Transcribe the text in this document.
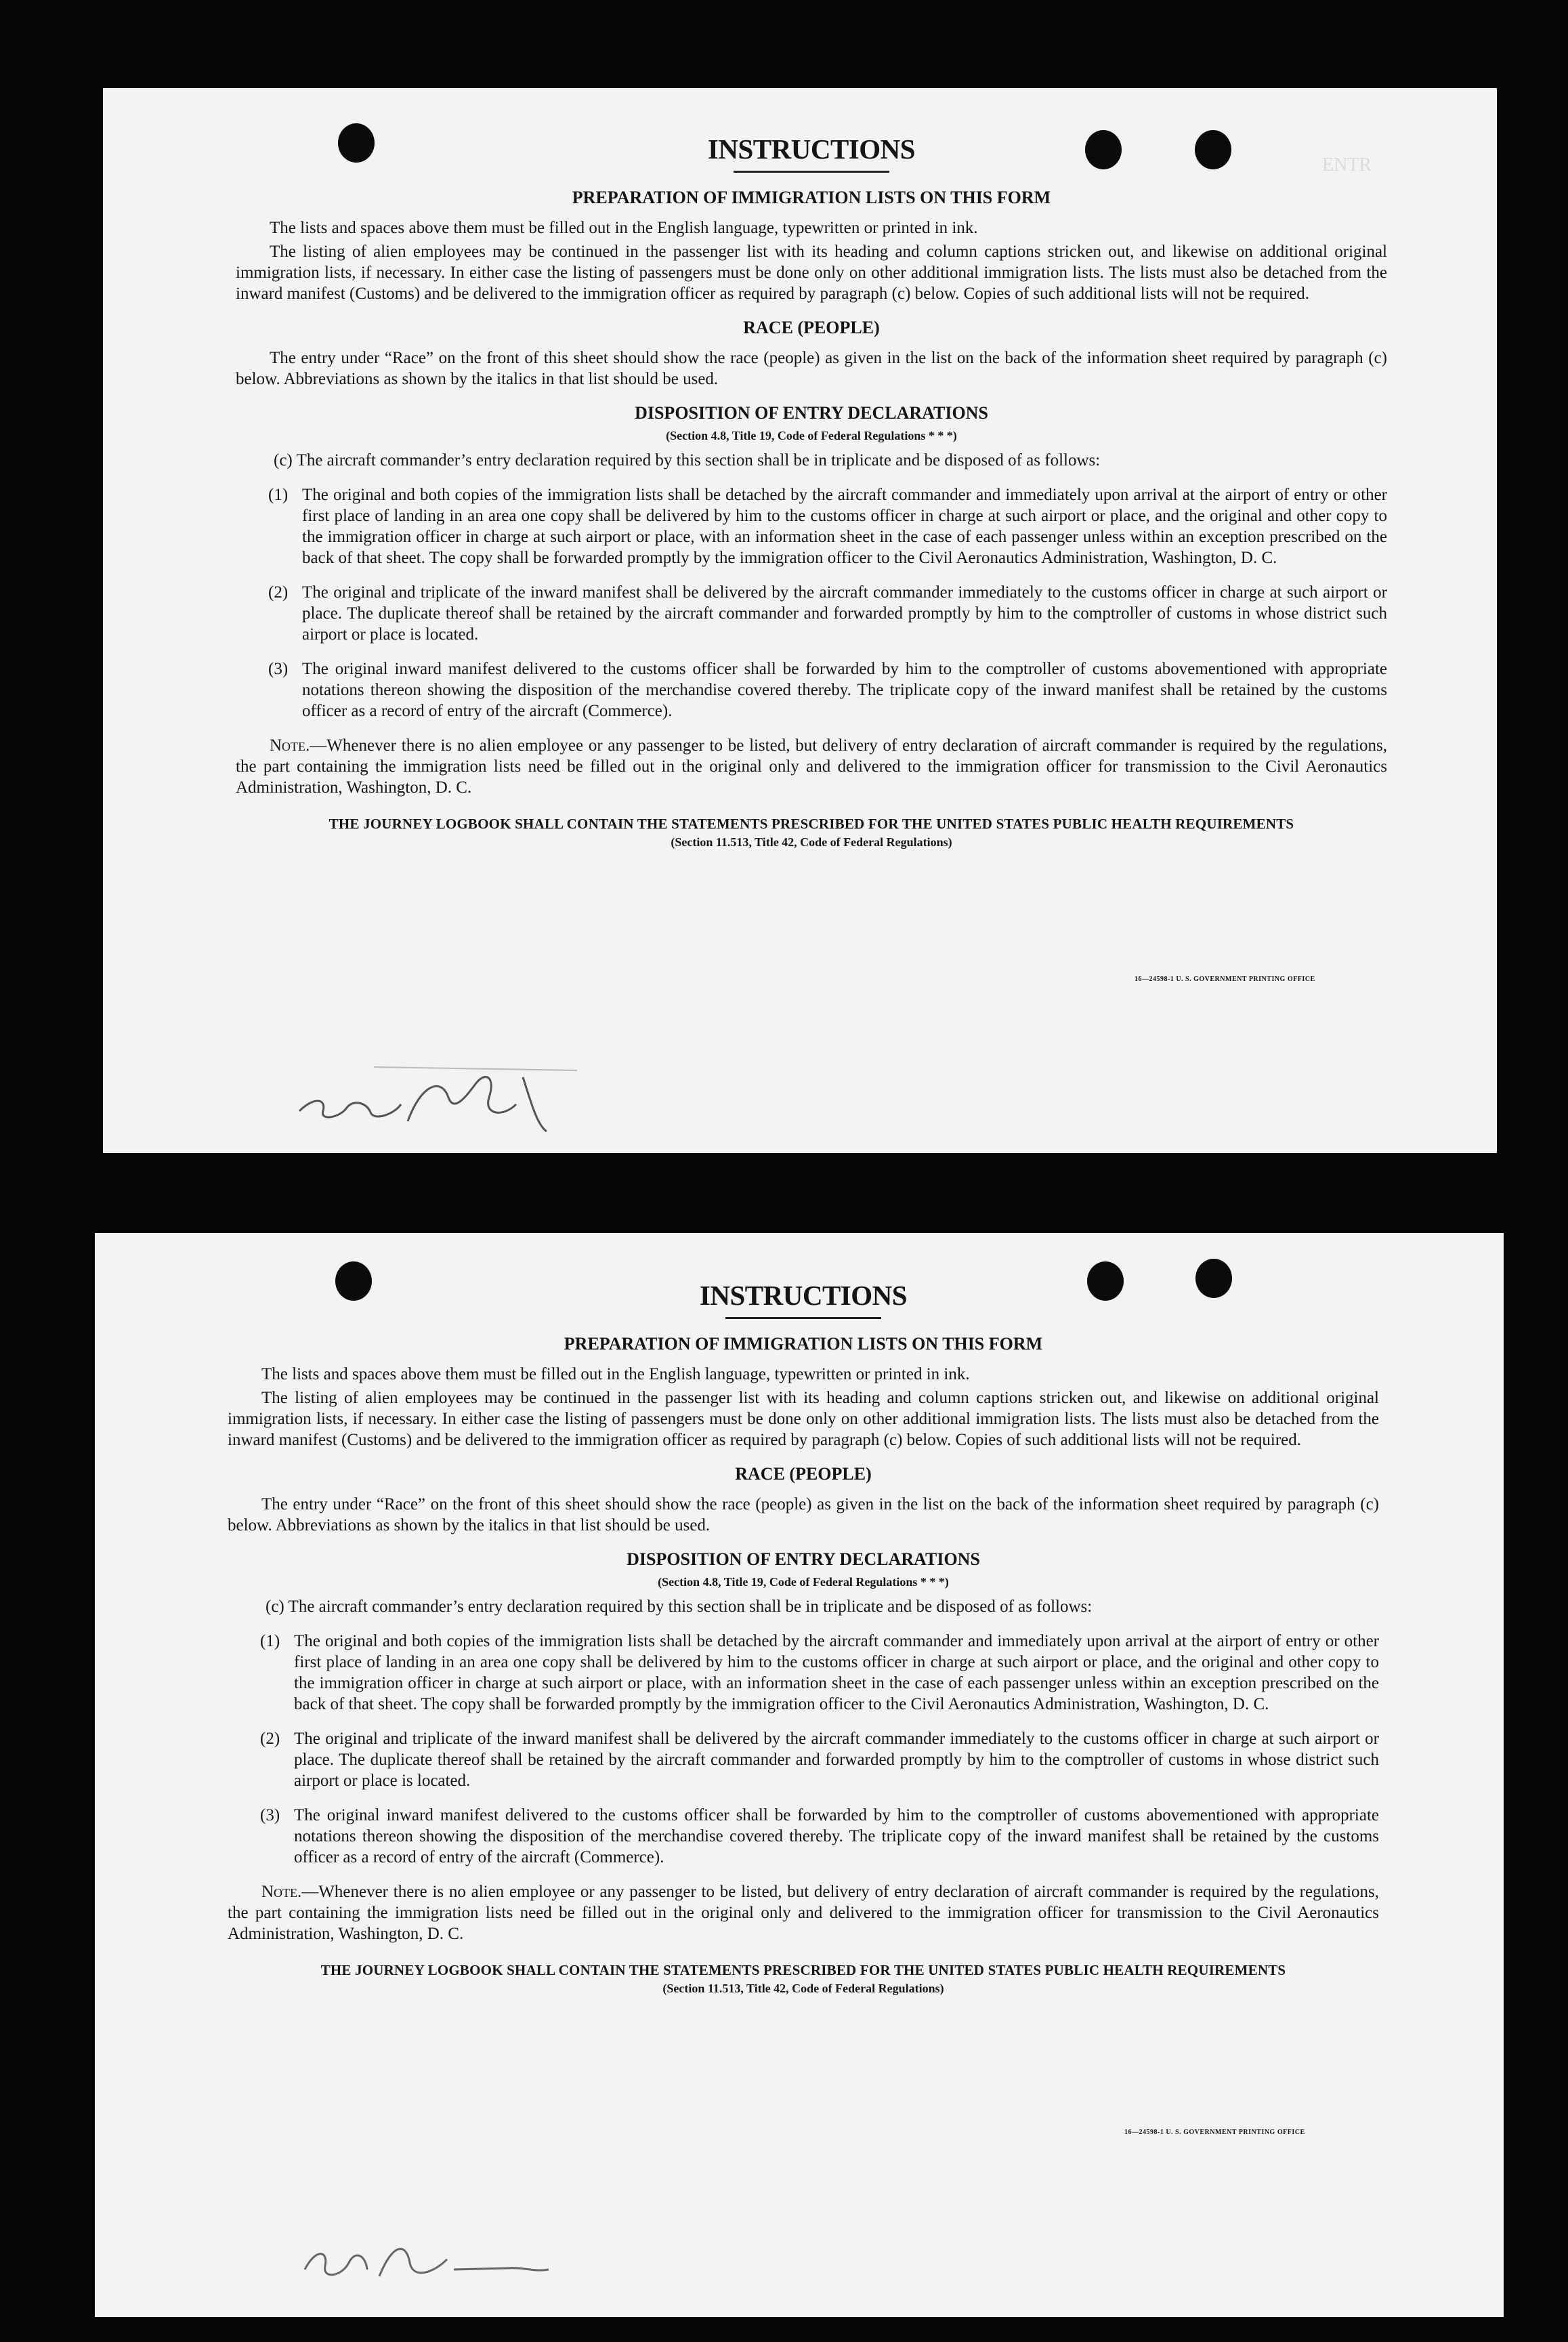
ENTR
INSTRUCTIONS
PREPARATION OF IMMIGRATION LISTS ON THIS FORM

The lists and spaces above them must be filled out in the English language, typewritten or printed in ink.

The listing of alien employees may be continued in the passenger list with its heading and column captions stricken out, and likewise on additional original immigration lists, if necessary. In either case the listing of passengers must be done only on other additional immigration lists. The lists must also be detached from the inward manifest (Customs) and be delivered to the immigration officer as required by paragraph (c) below. Copies of such additional lists will not be required.

RACE (PEOPLE)

The entry under “Race” on the front of this sheet should show the race (people) as given in the list on the back of the information sheet required by paragraph (c) below. Abbreviations as shown by the italics in that list should be used.

DISPOSITION OF ENTRY DECLARATIONS
(Section 4.8, Title 19, Code of Federal Regulations * * *)

(c) The aircraft commander’s entry declaration required by this section shall be in triplicate and be disposed of as follows:

(1) The original and both copies of the immigration lists shall be detached by the aircraft commander and immediately upon arrival at the airport of entry or other first place of landing in an area one copy shall be delivered by him to the customs officer in charge at such airport or place, and the original and other copy to the immigration officer in charge at such airport or place, with an information sheet in the case of each passenger unless within an exception prescribed on the back of that sheet. The copy shall be forwarded promptly by the immigration officer to the Civil Aeronautics Administration, Washington, D. C.
(2) The original and triplicate of the inward manifest shall be delivered by the aircraft commander immediately to the customs officer in charge at such airport or place. The duplicate thereof shall be retained by the aircraft commander and forwarded promptly by him to the comptroller of customs in whose district such airport or place is located.
(3) The original inward manifest delivered to the customs officer shall be forwarded by him to the comptroller of customs abovementioned with appropriate notations thereon showing the disposition of the merchandise covered thereby. The triplicate copy of the inward manifest shall be retained by the customs officer as a record of entry of the aircraft (Commerce).

Note.—Whenever there is no alien employee or any passenger to be listed, but delivery of entry declaration of aircraft commander is required by the regulations, the part containing the immigration lists need be filled out in the original only and delivered to the immigration officer for transmission to the Civil Aeronautics Administration, Washington, D. C.

THE JOURNEY LOGBOOK SHALL CONTAIN THE STATEMENTS PRESCRIBED FOR THE UNITED STATES PUBLIC HEALTH REQUIREMENTS
(Section 11.513, Title 42, Code of Federal Regulations)
16—24598-1 U. S. GOVERNMENT PRINTING OFFICE
INSTRUCTIONS
PREPARATION OF IMMIGRATION LISTS ON THIS FORM

The lists and spaces above them must be filled out in the English language, typewritten or printed in ink.

The listing of alien employees may be continued in the passenger list with its heading and column captions stricken out, and likewise on additional original immigration lists, if necessary. In either case the listing of passengers must be done only on other additional immigration lists. The lists must also be detached from the inward manifest (Customs) and be delivered to the immigration officer as required by paragraph (c) below. Copies of such additional lists will not be required.

RACE (PEOPLE)

The entry under “Race” on the front of this sheet should show the race (people) as given in the list on the back of the information sheet required by paragraph (c) below. Abbreviations as shown by the italics in that list should be used.

DISPOSITION OF ENTRY DECLARATIONS
(Section 4.8, Title 19, Code of Federal Regulations * * *)

(c) The aircraft commander’s entry declaration required by this section shall be in triplicate and be disposed of as follows:

(1) The original and both copies of the immigration lists shall be detached by the aircraft commander and immediately upon arrival at the airport of entry or other first place of landing in an area one copy shall be delivered by him to the customs officer in charge at such airport or place, and the original and other copy to the immigration officer in charge at such airport or place, with an information sheet in the case of each passenger unless within an exception prescribed on the back of that sheet. The copy shall be forwarded promptly by the immigration officer to the Civil Aeronautics Administration, Washington, D. C.
(2) The original and triplicate of the inward manifest shall be delivered by the aircraft commander immediately to the customs officer in charge at such airport or place. The duplicate thereof shall be retained by the aircraft commander and forwarded promptly by him to the comptroller of customs in whose district such airport or place is located.
(3) The original inward manifest delivered to the customs officer shall be forwarded by him to the comptroller of customs abovementioned with appropriate notations thereon showing the disposition of the merchandise covered thereby. The triplicate copy of the inward manifest shall be retained by the customs officer as a record of entry of the aircraft (Commerce).

Note.—Whenever there is no alien employee or any passenger to be listed, but delivery of entry declaration of aircraft commander is required by the regulations, the part containing the immigration lists need be filled out in the original only and delivered to the immigration officer for transmission to the Civil Aeronautics Administration, Washington, D. C.

THE JOURNEY LOGBOOK SHALL CONTAIN THE STATEMENTS PRESCRIBED FOR THE UNITED STATES PUBLIC HEALTH REQUIREMENTS
(Section 11.513, Title 42, Code of Federal Regulations)
16—24598-1 U. S. GOVERNMENT PRINTING OFFICE
